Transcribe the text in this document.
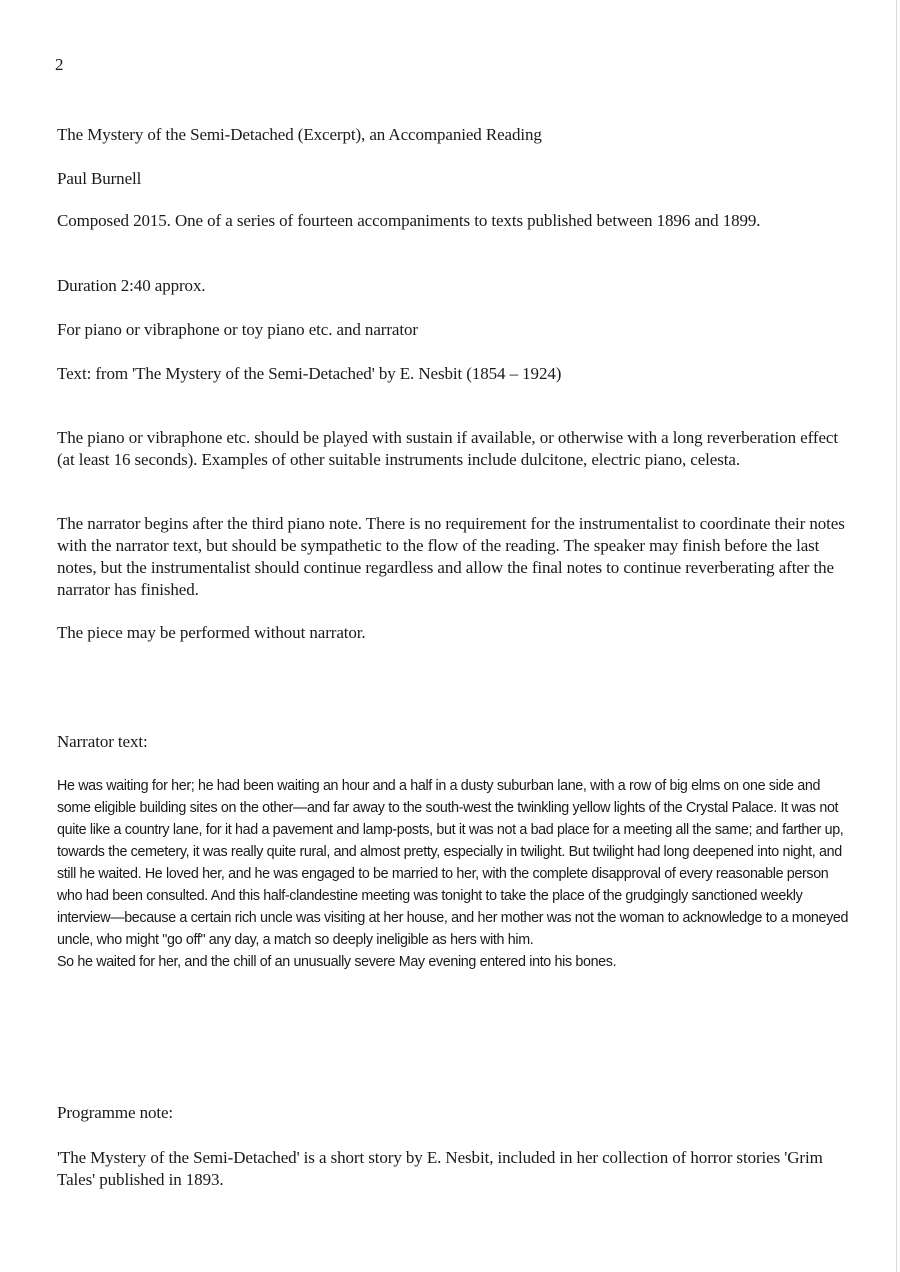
2

The Mystery of the Semi-Detached (Excerpt), an Accompanied Reading

Paul Burnell

Composed 2015. One of a series of fourteen accompaniments to texts published between 1896 and 1899.

Duration 2:40 approx.

For piano or vibraphone or toy piano etc. and narrator

Text: from 'The Mystery of the Semi-Detached' by E. Nesbit (1854 – 1924)

The piano or vibraphone etc. should be played with sustain if available, or otherwise with a long reverberation effect (at least 16 seconds). Examples of other suitable instruments include dulcitone, electric piano, celesta.

The narrator begins after the third piano note. There is no requirement for the instrumentalist to coordinate their notes with the narrator text, but should be sympathetic to the flow of the reading. The speaker may finish before the last notes, but the instrumentalist should continue regardless and allow the final notes to continue reverberating after the narrator has finished.

The piece may be performed without narrator.

Narrator text:

He was waiting for her; he had been waiting an hour and a half in a dusty suburban lane, with a row of big elms on one side and some eligible building sites on the other—and far away to the south-west the twinkling yellow lights of the Crystal Palace. It was not quite like a country lane, for it had a pavement and lamp-posts, but it was not a bad place for a meeting all the same; and farther up, towards the cemetery, it was really quite rural, and almost pretty, especially in twilight. But twilight had long deepened into night, and still he waited. He loved her, and he was engaged to be married to her, with the complete disapproval of every reasonable person who had been consulted. And this half-clandestine meeting was tonight to take the place of the grudgingly sanctioned weekly interview—because a certain rich uncle was visiting at her house, and her mother was not the woman to acknowledge to a moneyed uncle, who might "go off" any day, a match so deeply ineligible as hers with him.

So he waited for her, and the chill of an unusually severe May evening entered into his bones.

Programme note:

'The Mystery of the Semi-Detached' is a short story by E. Nesbit, included in her collection of horror stories 'Grim Tales' published in 1893.
